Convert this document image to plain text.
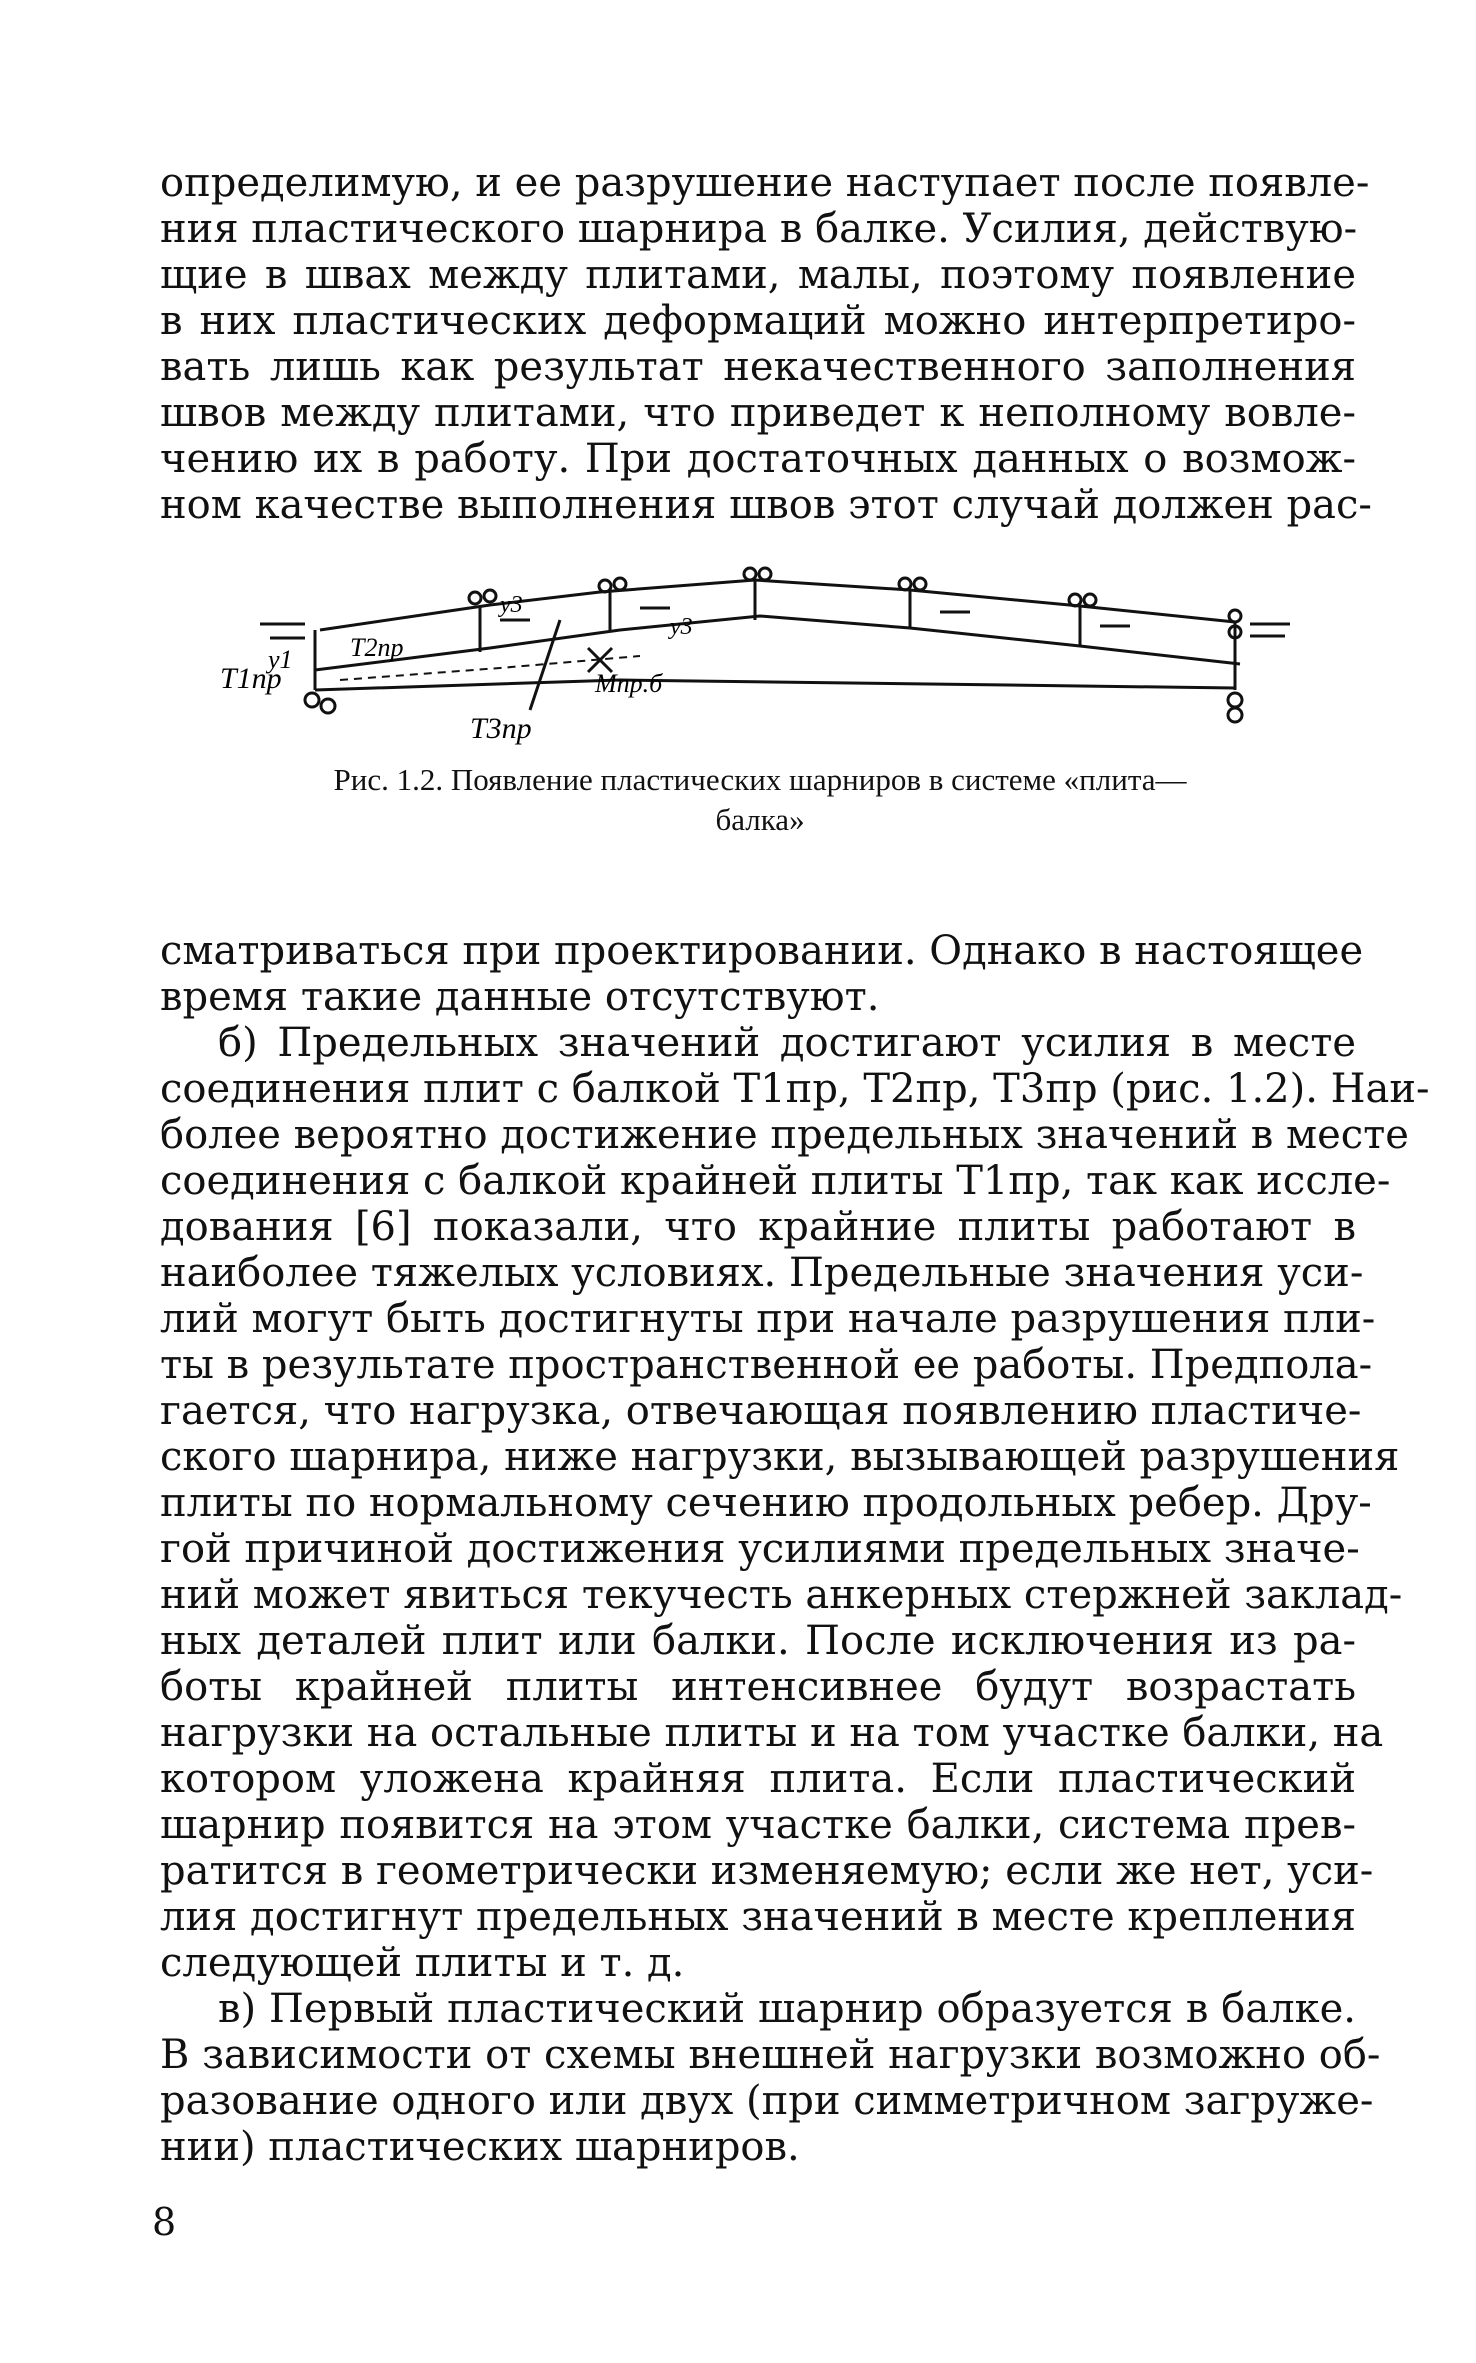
определимую, и ее разрушение наступает после появле-
ния пластического шарнира в балке. Усилия, действую-
щие в швах между плитами, малы, поэтому появление
в них пластических деформаций можно интерпретиро-
вать лишь как результат некачественного заполнения
швов между плитами, что приведет к неполному вовле-
чению их в работу. При достаточных данных о возмож-
ном качестве выполнения швов этот случай должен рас-
T1пр
T2пр
T3пр
y1
y3
y3
Mпр.б
Рис. 1.2. Появление пластических шарниров в системе «плита—
балка»
сматриваться при проектировании. Однако в настоящее
время такие данные отсутствуют.
б) Предельных значений достигают усилия в месте
соединения плит с балкой T1пр, T2пр, T3пр (рис. 1.2). Наи-
более вероятно достижение предельных значений в месте
соединения с балкой крайней плиты T1пр, так как иссле-
дования [6] показали, что крайние плиты работают в
наиболее тяжелых условиях. Предельные значения уси-
лий могут быть достигнуты при начале разрушения пли-
ты в результате пространственной ее работы. Предпола-
гается, что нагрузка, отвечающая появлению пластиче-
ского шарнира, ниже нагрузки, вызывающей разрушения
плиты по нормальному сечению продольных ребер. Дру-
гой причиной достижения усилиями предельных значе-
ний может явиться текучесть анкерных стержней заклад-
ных деталей плит или балки. После исключения из ра-
боты крайней плиты интенсивнее будут возрастать
нагрузки на остальные плиты и на том участке балки, на
котором уложена крайняя плита. Если пластический
шарнир появится на этом участке балки, система прев-
ратится в геометрически изменяемую; если же нет, уси-
лия достигнут предельных значений в месте крепления
следующей плиты и т. д.
в) Первый пластический шарнир образуется в балке.
В зависимости от схемы внешней нагрузки возможно об-
разование одного или двух (при симметричном загруже-
нии) пластических шарниров.
8
